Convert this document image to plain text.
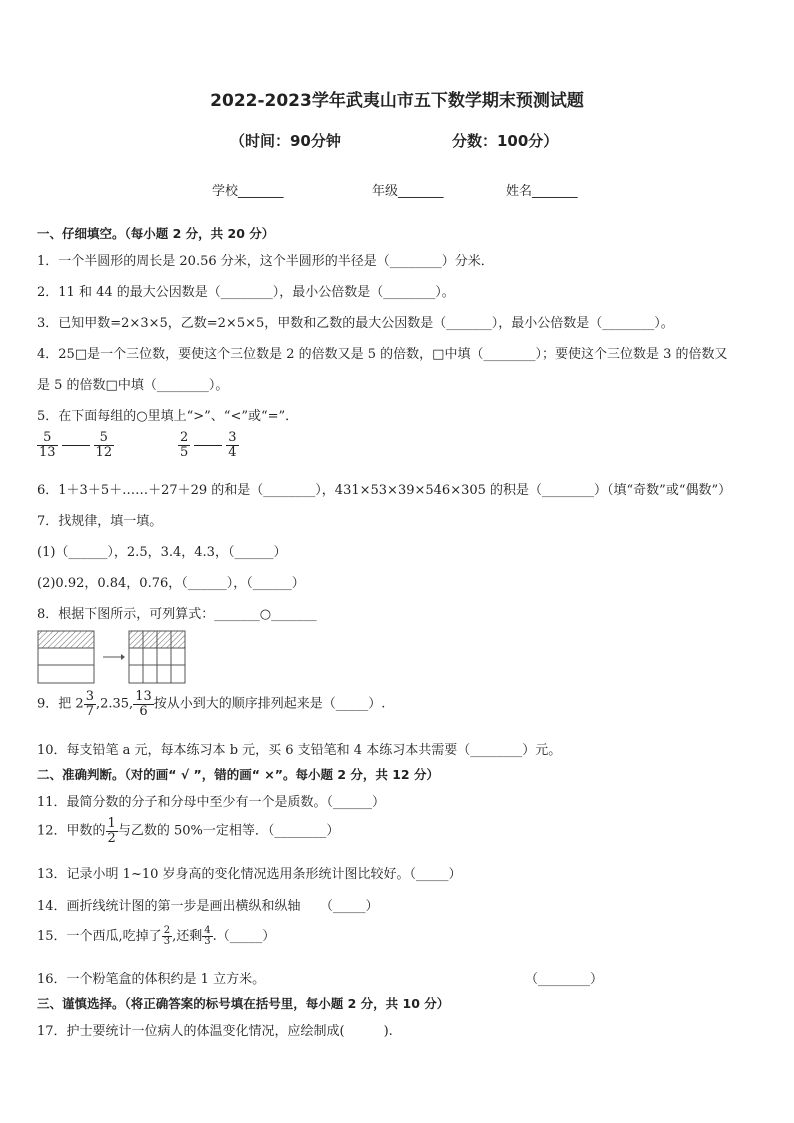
2022-2023学年武夷山市五下数学期末预测试题
（时间：90分钟	分数：100分）
学校_______	年级_______	姓名_______
一、仔细填空。（每小题 2 分，共 20 分）
1．一个半圆形的周长是 20.56 分米，这个半圆形的半径是（________）分米．
2．11 和 44 的最大公因数是（________），最小公倍数是（________）。
3．已知甲数=2×3×5，乙数=2×5×5，甲数和乙数的最大公因数是（_______），最小公倍数是（________）。
4．25□是一个三位数，要使这个三位数是 2 的倍数又是 5 的倍数，□中填（________）；要使这个三位数是 3 的倍数又
是 5 的倍数□中填（________）。
5．在下面每组的○里填上“>”、“<”或“=”．
$\frac{5}{13}$	$\frac{5}{12}$	$\frac{2}{5}$	$\frac{3}{4}$
6．1＋3＋5＋……＋27＋29 的和是（________），431×53×39×546×305 的积是（________）（填“奇数”或“偶数”）
7．找规律，填一填。
(1)（______），2.5，3.4，4.3，（______）
(2)0.92，0.84，0.76，（______），（______）
8．根据下图所示，可列算式：_______○_______
9．把 $2 \frac{3}{7} ,2.35$, $\frac{13}{6}$ 按从小到大的顺序排列起来是（_____）.
10．每支铅笔 a 元，每本练习本 b 元，买 6 支铅笔和 4 本练习本共需要（________）元。
二、准确判断。（对的画“ √ ”，错的画“ ×”。每小题 2 分，共 12 分）
11．最简分数的分子和分母中至少有一个是质数。（______）
12．甲数的 $\frac{1}{2}$ 与乙数的 50%一定相等．（________）
13．记录小明 1~10 岁身高的变化情况选用条形统计图比较好。（_____）
14．画折线统计图的第一步是画出横纵和纵轴　　（_____）
15．一个西瓜,吃掉了 $\frac{2}{3}$ ,还剩 $\frac{4}{3}$ .（_____）
16．一个粉笔盒的体积约是 1 立方米。	（________）
三、谨慎选择。（将正确答案的标号填在括号里，每小题 2 分，共 10 分）
17．护士要统计一位病人的体温变化情况，应绘制成(　　　).
